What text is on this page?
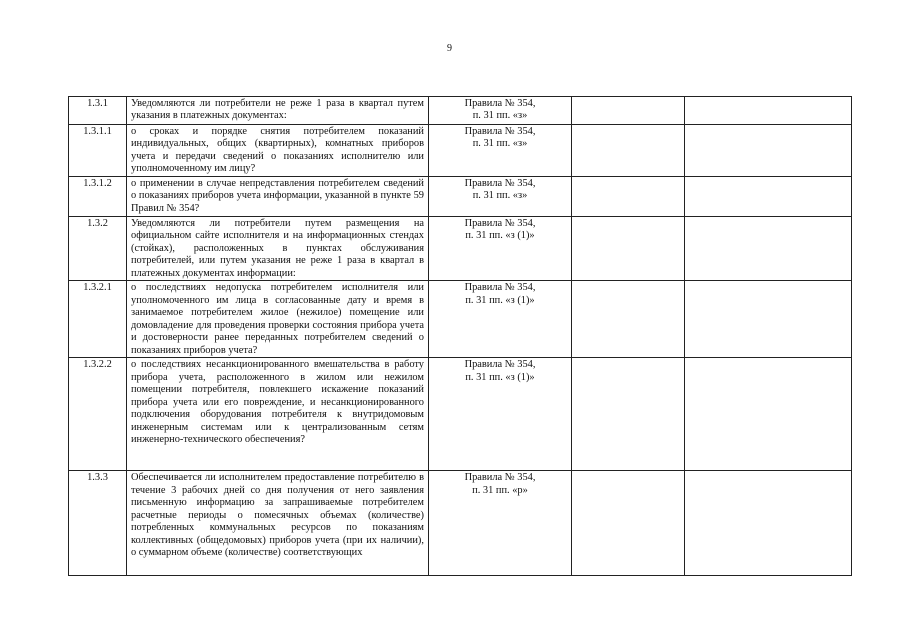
9
1.3.1	Уведомляются ли потребители не реже 1 раза в квартал путем указания в платежных документах:	Правила № 354,
п. 31 пп. «з»		
1.3.1.1	о сроках и порядке снятия потребителем показаний индивидуальных, общих (квартирных), комнатных приборов учета и передачи сведений о показаниях исполнителю или уполномоченному им лицу?	Правила № 354,
п. 31 пп. «з»		
1.3.1.2	о применении в случае непредставления потребителем сведений о показаниях приборов учета информации, указанной в пункте 59 Правил № 354?	Правила № 354,
п. 31 пп. «з»		
1.3.2	Уведомляются ли потребители путем размещения на официальном сайте исполнителя и на информационных стендах (стойках), расположенных в пунктах обслуживания потребителей, или путем указания не реже 1 раза в квартал в платежных документах информации:	Правила № 354,
п. 31 пп. «з (1)»		
1.3.2.1	о последствиях недопуска потребителем исполнителя или уполномоченного им лица в согласованные дату и время в занимаемое потребителем жилое (нежилое) помещение или домовладение для проведения проверки состояния прибора учета и достоверности ранее переданных потребителем сведений о показаниях приборов учета?	Правила № 354,
п. 31 пп. «з (1)»		
1.3.2.2	о последствиях несанкционированного вмешательства в работу прибора учета, расположенного в жилом или нежилом помещении потребителя, повлекшего искажение показаний прибора учета или его повреждение, и несанкционированного подключения оборудования потребителя к внутридомовым инженерным системам или к централизованным сетям инженерно-технического обеспечения?	Правила № 354,
п. 31 пп. «з (1)»		
1.3.3	Обеспечивается ли исполнителем предоставление потребителю в течение 3 рабочих дней со дня получения от него заявления письменную информацию за запрашиваемые потребителем расчетные периоды о помесячных объемах (количестве) потребленных коммунальных ресурсов по показаниям коллективных (общедомовых) приборов учета (при их наличии), о суммарном объеме (количестве) соответствующих	Правила № 354,
п. 31 пп. «р»		
